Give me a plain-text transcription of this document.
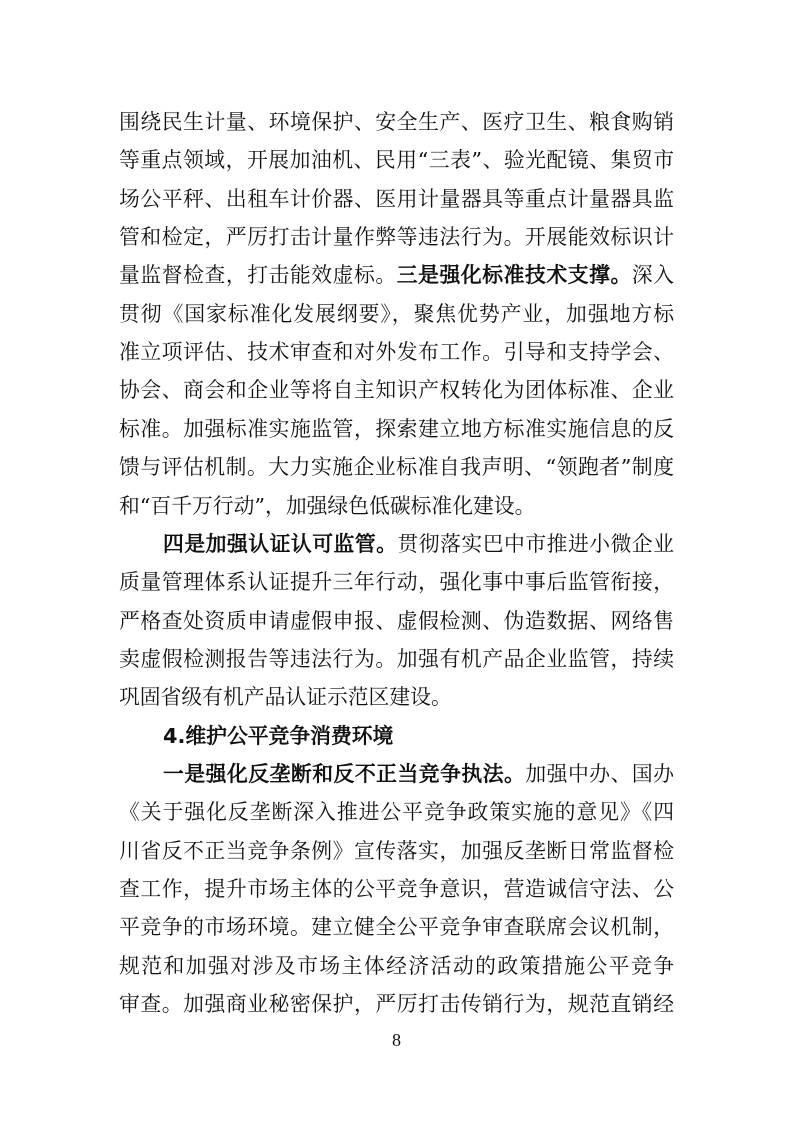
围绕民生计量、环境保护、安全生产、医疗卫生、粮食购销
等重点领域，开展加油机、民用“三表”、验光配镜、集贸市
场公平秤、出租车计价器、医用计量器具等重点计量器具监
管和检定，严厉打击计量作弊等违法行为。开展能效标识计
量监督检查，打击能效虚标。三是强化标准技术支撑。深入
贯彻《国家标准化发展纲要》，聚焦优势产业，加强地方标
准立项评估、技术审查和对外发布工作。引导和支持学会、
协会、商会和企业等将自主知识产权转化为团体标准、企业
标准。加强标准实施监管，探索建立地方标准实施信息的反
馈与评估机制。大力实施企业标准自我声明、“领跑者”制度
和“百千万行动”，加强绿色低碳标准化建设。
四是加强认证认可监管。贯彻落实巴中市推进小微企业
质量管理体系认证提升三年行动，强化事中事后监管衔接，
严格查处资质申请虚假申报、虚假检测、伪造数据、网络售
卖虚假检测报告等违法行为。加强有机产品企业监管，持续
巩固省级有机产品认证示范区建设。
4.维护公平竞争消费环境
一是强化反垄断和反不正当竞争执法。加强中办、国办
《关于强化反垄断深入推进公平竞争政策实施的意见》《四
川省反不正当竞争条例》宣传落实，加强反垄断日常监督检
查工作，提升市场主体的公平竞争意识，营造诚信守法、公
平竞争的市场环境。建立健全公平竞争审查联席会议机制，
规范和加强对涉及市场主体经济活动的政策措施公平竞争
审查。加强商业秘密保护，严厉打击传销行为，规范直销经
8
